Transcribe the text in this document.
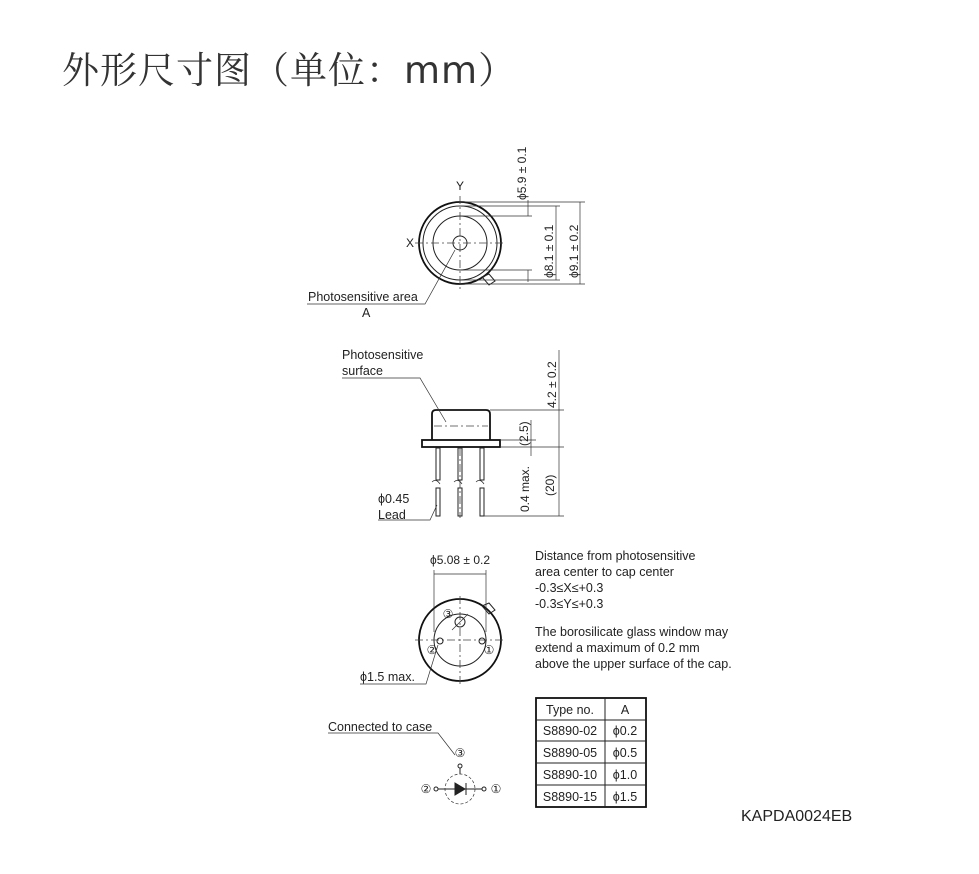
外形尺寸图（单位：mm）
Y
X
ϕ5.9 ± 0.1
ϕ8.1 ± 0.1 ϕ9.1 ± 0.2
Photosensitive area
A
Photosensitive
surface	4.2 ± 0.2
(2.5)
(20)
0.4 max.
ϕ0.45
Lead
③
②	①
ϕ5.08 ± 0.2
ϕ1.5 max.
Distance from photosensitive
area center to cap center
-0.3≤X≤+0.3
-0.3≤Y≤+0.3
The borosilicate glass window may
extend a maximum of 0.2 mm
above the upper surface of the cap.
Type no. A
S8890-02 ϕ0.2
S8890-05 ϕ0.5
S8890-10 ϕ1.0
S8890-15 ϕ1.5
Connected to case
③
②	①
KAPDA0024EB
